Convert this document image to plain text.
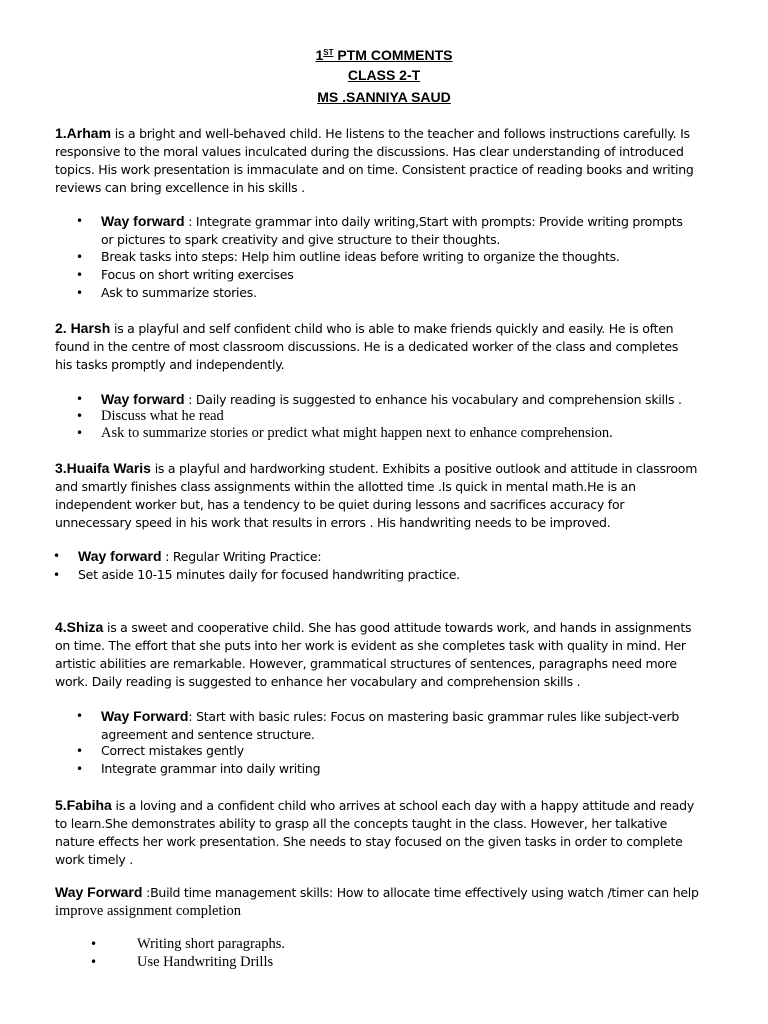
1ST PTM COMMENTS
CLASS 2-T
MS .SANNIYA SAUD
1.Arham is a bright and well-behaved child. He listens to the teacher and follows instructions carefully. Is
responsive to the moral values inculcated during the discussions. Has clear understanding of introduced
topics. His work presentation is immaculate and on time. Consistent practice of reading books and writing
reviews can bring excellence in his skills .
• Way forward : Integrate grammar into daily writing,Start with prompts: Provide writing prompts
or pictures to spark creativity and give structure to their thoughts.
• Break tasks into steps: Help him outline ideas before writing to organize the thoughts.
• Focus on short writing exercises
• Ask to summarize stories.
2. Harsh is a playful and self confident child who is able to make friends quickly and easily. He is often
found in the centre of most classroom discussions. He is a dedicated worker of the class and completes
his tasks promptly and independently.
• Way forward : Daily reading is suggested to enhance his vocabulary and comprehension skills .
• Discuss what he read
• Ask to summarize stories or predict what might happen next to enhance comprehension.
3.Huaifa Waris is a playful and hardworking student. Exhibits a positive outlook and attitude in classroom
and smartly finishes class assignments within the allotted time .Is quick in mental math.He is an
independent worker but, has a tendency to be quiet during lessons and sacrifices accuracy for
unnecessary speed in his work that results in errors . His handwriting needs to be improved.
• Way forward : Regular Writing Practice:
• Set aside 10-15 minutes daily for focused handwriting practice.
4.Shiza is a sweet and cooperative child. She has good attitude towards work, and hands in assignments
on time. The effort that she puts into her work is evident as she completes task with quality in mind. Her
artistic abilities are remarkable. However, grammatical structures of sentences, paragraphs need more
work. Daily reading is suggested to enhance her vocabulary and comprehension skills .
• Way Forward: Start with basic rules: Focus on mastering basic grammar rules like subject-verb
agreement and sentence structure.
• Correct mistakes gently
• Integrate grammar into daily writing
5.Fabiha is a loving and a confident child who arrives at school each day with a happy attitude and ready
to learn.She demonstrates ability to grasp all the concepts taught in the class. However, her talkative
nature effects her work presentation. She needs to stay focused on the given tasks in order to complete
work timely .
Way Forward :Build time management skills: How to allocate time effectively using watch /timer can help
improve assignment completion
•	Writing short paragraphs.
•	Use Handwriting Drills
